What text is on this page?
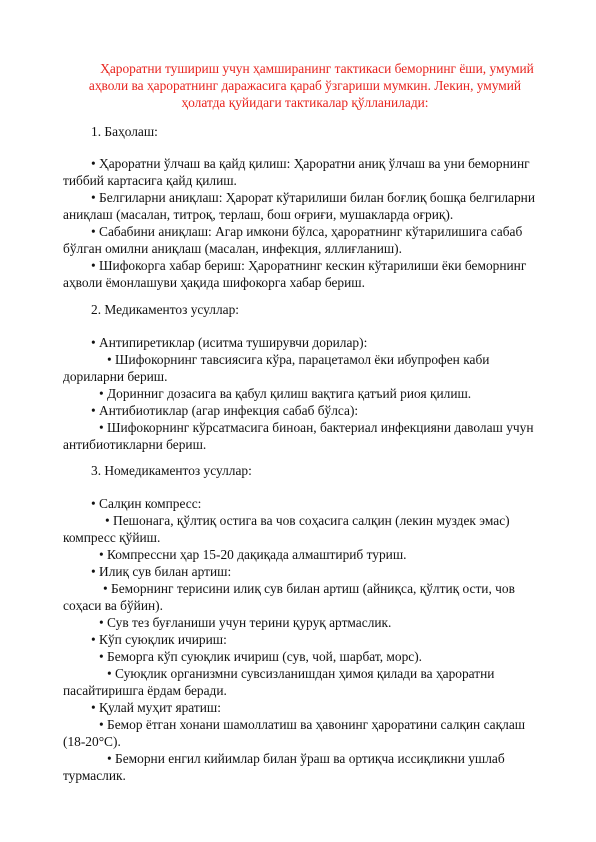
Ҳароратни тушириш учун ҳамширанинг тактикаси беморнинг ёши, умумий аҳволи ва ҳароратнинг даражасига қараб ўзгариши мумкин. Лекин, умумий ҳолатда қуйидаги тактикалар қўлланилади:
1. Баҳолаш:
• Ҳароратни ўлчаш ва қайд қилиш: Ҳароратни аниқ ўлчаш ва уни беморнинг
тиббий картасига қайд қилиш.
• Белгиларни аниқлаш: Ҳарорат кўтарилиши билан боғлиқ бошқа белгиларни
аниқлаш (масалан, титроқ, терлаш, бош оғриғи, мушакларда оғриқ).
• Сабабини аниқлаш: Агар имкони бўлса, ҳароратнинг кўтарилишига сабаб
бўлган омилни аниқлаш (масалан, инфекция, яллиғланиш).
• Шифокорга хабар бериш: Ҳароратнинг кескин кўтарилиши ёки беморнинг
аҳволи ёмонлашуви ҳақида шифокорга хабар бериш.
2. Медикаментоз усуллар:
• Антипиретиклар (иситма туширувчи дорилар):
• Шифокорнинг тавсиясига кўра, парацетамол ёки ибупрофен каби
дориларни бериш.
• Доринниг дозасига ва қабул қилиш вақтига қатъий риоя қилиш.
• Антибиотиклар (агар инфекция сабаб бўлса):
• Шифокорнинг кўрсатмасига биноан, бактериал инфекцияни даволаш учун
антибиотикларни бериш.
3. Номедикаментоз усуллар:
• Салқин компресс:
• Пешонага, қўлтиқ остига ва чов соҳасига салқин (лекин муздек эмас)
компресс қўйиш.
• Компрессни ҳар 15-20 дақиқада алмаштириб туриш.
• Илиқ сув билан артиш:
• Беморнинг терисини илиқ сув билан артиш (айниқса, қўлтиқ ости, чов
соҳаси ва бўйин).
• Сув тез буғланиши учун терини қуруқ артмаслик.
• Кўп суюқлик ичириш:
• Беморга кўп суюқлик ичириш (сув, чой, шарбат, морс).
• Суюқлик организмни сувсизланишдан ҳимоя қилади ва ҳароратни
пасайтиришга ёрдам беради.
• Қулай муҳит яратиш:
• Бемор ётган хонани шамоллатиш ва ҳавонинг ҳароратини салқин сақлаш
(18-20°C).
• Беморни енгил кийимлар билан ўраш ва ортиқча иссиқликни ушлаб
турмаслик.
